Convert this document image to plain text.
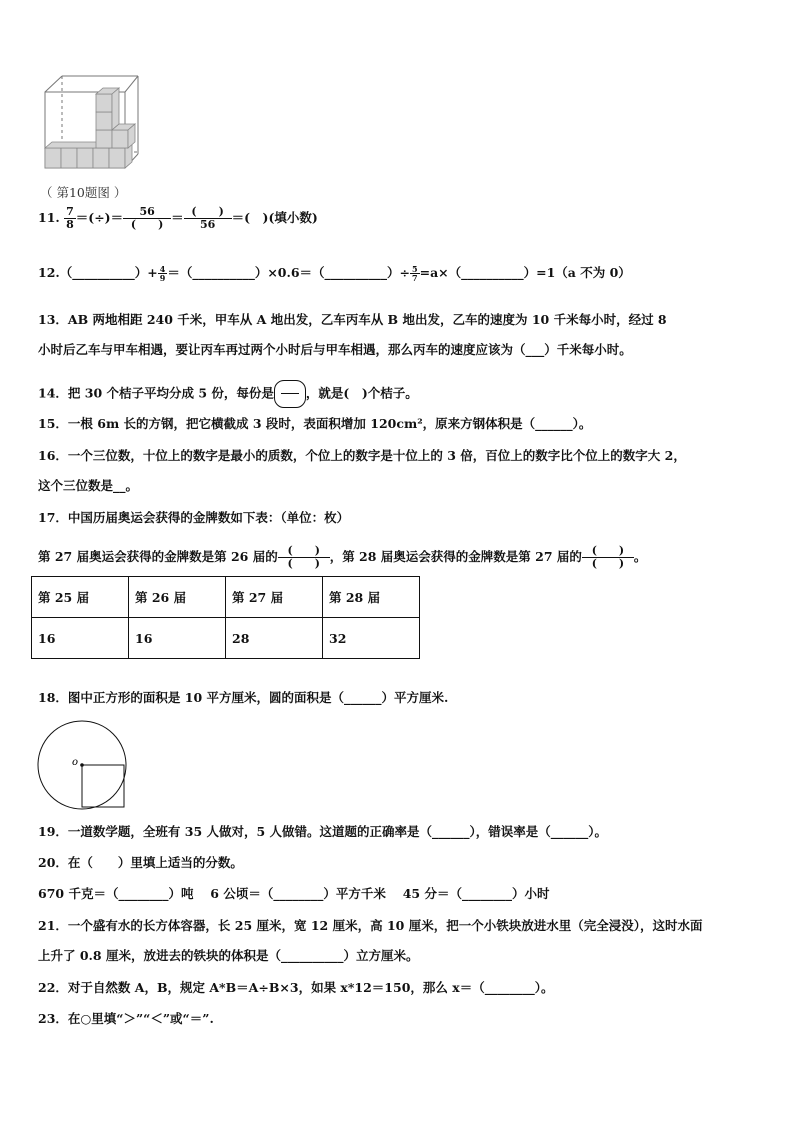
（ 第10题图 ）
11. $\frac{7}{8}$ ＝(÷)＝ $\frac{56}{( )} = \frac{( )}{56}$ ＝(　)(填小数)
12.（__________）+ $\frac{4}{9}$ ＝（__________）×0.6＝（__________）÷ $\frac{5}{7}$ =a×（__________）=1（a 不为 0）
13．AB 两地相距 240 千米，甲车从 A 地出发，乙车丙车从 B 地出发，乙车的速度为 10 千米每小时，经过 8
小时后乙车与甲车相遇，要让丙车再过两个小时后与甲车相遇，那么丙车的速度应该为（___）千米每小时。
14．把 30 个桔子平均分成 5 份，每份是	，就是(　)个桔子。
15．一根 6m 长的方钢，把它横截成 3 段时，表面积增加 120cm²，原来方钢体积是（______）。
16．一个三位数，十位上的数字是最小的质数，个位上的数字是十位上的 3 倍，百位上的数字比个位上的数字大 2，
这个三位数是__。
17．中国历届奥运会获得的金牌数如下表：（单位：枚）
第 27 届奥运会获得的金牌数是第 26 届的 $\frac{( )}{( )}$ ，第 28 届奥运会获得的金牌数是第 27 届的 $\frac{( )}{( )}$ 。
第 25 届	第 26 届	第 27 届	第 28 届
16	16	28	32
18．图中正方形的面积是 10 平方厘米，圆的面积是（______）平方厘米.
o
19．一道数学题，全班有 35 人做对，5 人做错。这道题的正确率是（______），错误率是（______）。
20．在（　　）里填上适当的分数。
670 千克＝（________）吨　 6 公顷＝（________）平方千米　 45 分＝（________）小时
21．一个盛有水的长方体容器，长 25 厘米，宽 12 厘米，高 10 厘米，把一个小铁块放进水里（完全浸没），这时水面
上升了 0.8 厘米，放进去的铁块的体积是（__________）立方厘米。
22．对于自然数 A，B，规定 A*B＝A÷B×3，如果 x*12＝150，那么 x＝（________）。
23．在○里填“＞”“＜”或“＝”.
